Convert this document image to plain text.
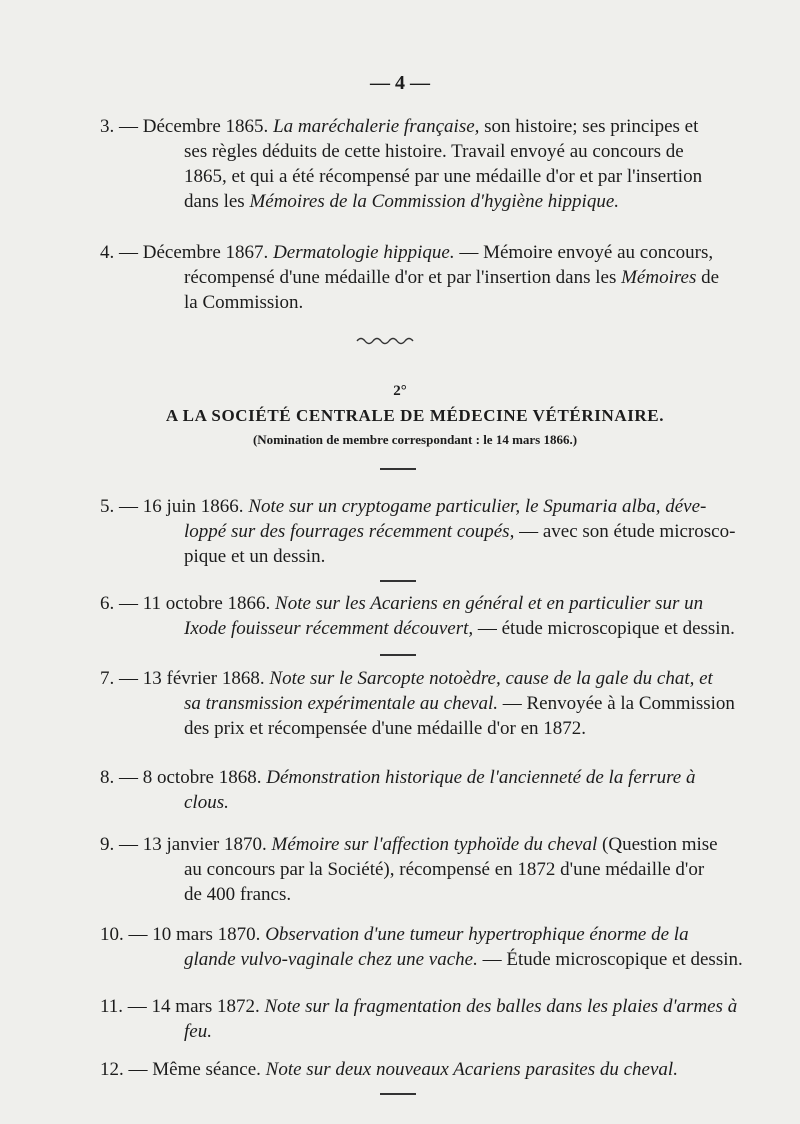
— 4 —
3. — Décembre 1865. La maréchalerie française, son histoire; ses principes et
ses règles déduits de cette histoire. Travail envoyé au concours de
1865, et qui a été récompensé par une médaille d'or et par l'insertion
dans les Mémoires de la Commission d'hygiène hippique.
4. — Décembre 1867. Dermatologie hippique. — Mémoire envoyé au concours,
récompensé d'une médaille d'or et par l'insertion dans les Mémoires de
la Commission.
2°
A LA SOCIÉTÉ CENTRALE DE MÉDECINE VÉTÉRINAIRE.
(Nomination de membre correspondant : le 14 mars 1866.)
5. — 16 juin 1866. Note sur un cryptogame particulier, le Spumaria alba, déve-
loppé sur des fourrages récemment coupés, — avec son étude microsco-
pique et un dessin.
6. — 11 octobre 1866. Note sur les Acariens en général et en particulier sur un
Ixode fouisseur récemment découvert, — étude microscopique et dessin.
7. — 13 février 1868. Note sur le Sarcopte notoèdre, cause de la gale du chat, et
sa transmission expérimentale au cheval. — Renvoyée à la Commission
des prix et récompensée d'une médaille d'or en 1872.
8. — 8 octobre 1868. Démonstration historique de l'ancienneté de la ferrure à
clous.
9. — 13 janvier 1870. Mémoire sur l'affection typhoïde du cheval (Question mise
au concours par la Société), récompensé en 1872 d'une médaille d'or
de 400 francs.
10. — 10 mars 1870. Observation d'une tumeur hypertrophique énorme de la
glande vulvo-vaginale chez une vache. — Étude microscopique et dessin.
11. — 14 mars 1872. Note sur la fragmentation des balles dans les plaies d'armes à
feu.
12. — Même séance. Note sur deux nouveaux Acariens parasites du cheval.
